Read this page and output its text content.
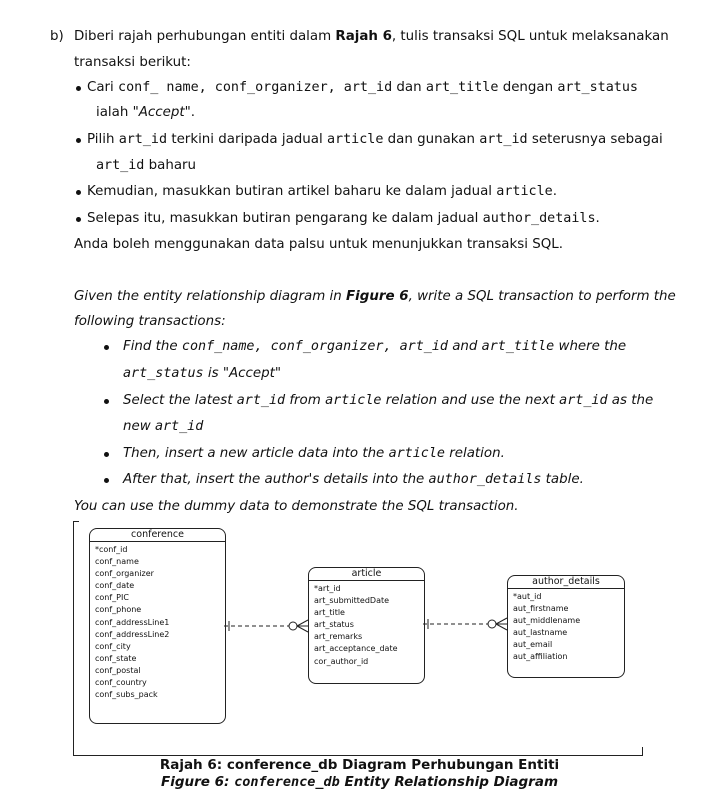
b) Diberi rajah perhubungan entiti dalam Rajah 6, tulis transaksi SQL untuk melaksanakan
transaksi berikut:
Cari conf_ name, conf_organizer, art_id dan art_title dengan art_status
ialah "Accept".
Pilih art_id terkini daripada jadual article dan gunakan art_id seterusnya sebagai
art_id baharu
Kemudian, masukkan butiran artikel baharu ke dalam jadual article.
Selepas itu, masukkan butiran pengarang ke dalam jadual author_details.
Anda boleh menggunakan data palsu untuk menunjukkan transaksi SQL.
Given the entity relationship diagram in Figure 6, write a SQL transaction to perform the
following transactions:
Find the conf_name, conf_organizer, art_id and art_title where the
art_status is "Accept"
Select the latest art_id from article relation and use the next art_id as the
new art_id
Then, insert a new article data into the article relation.
After that, insert the author's details into the author_details table.
You can use the dummy data to demonstrate the SQL transaction.
conference
*conf_id
conf_name
conf_organizer
conf_date
conf_PIC
conf_phone
conf_addressLine1
conf_addressLine2
conf_city
conf_state
conf_postal
conf_country
conf_subs_pack
article
*art_id
art_submittedDate
art_title
art_status
art_remarks
art_acceptance_date
cor_author_id
author_details
*aut_id
aut_firstname
aut_middlename
aut_lastname
aut_email
aut_affiliation
Rajah 6: conference_db Diagram Perhubungan Entiti
Figure 6: conference_db Entity Relationship Diagram
